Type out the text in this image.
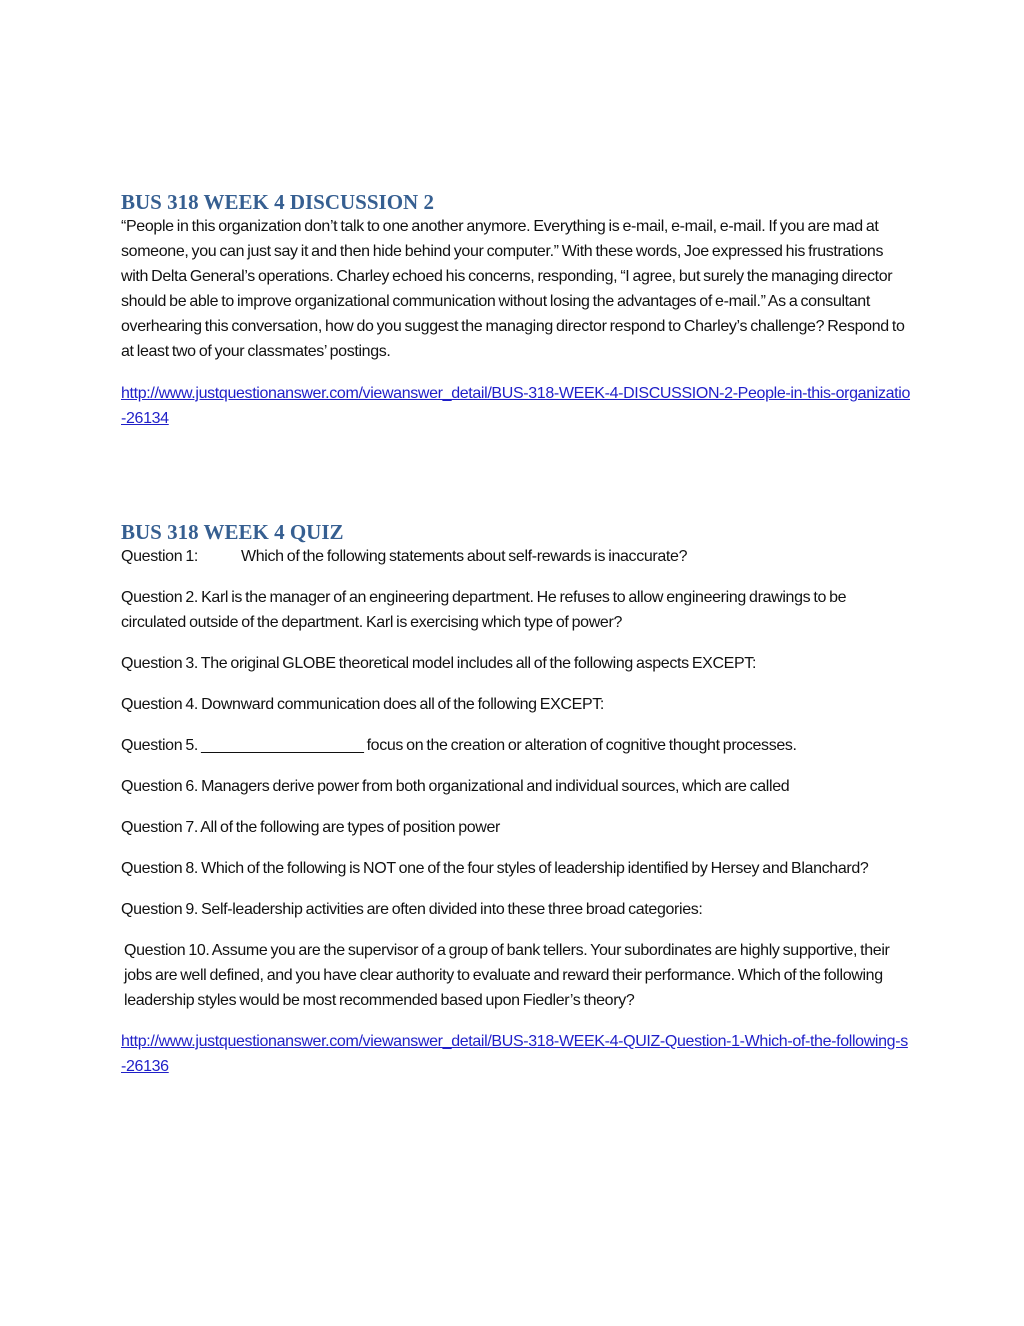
BUS 318 WEEK 4 DISCUSSION 2

“People in this organization don’t talk to one another anymore. Everything is e-mail, e-mail, e-mail. If you are mad at someone, you can just say it and then hide behind your computer.” With these words, Joe expressed his frustrations with Delta General’s operations. Charley echoed his concerns, responding, “I agree, but surely the managing director should be able to improve organizational communication without losing the advantages of e-mail.” As a consultant overhearing this conversation, how do you suggest the managing director respond to Charley’s challenge? Respond to at least two of your classmates’ postings.

http://www.justquestionanswer.com/viewanswer_detail/BUS-318-WEEK-4-DISCUSSION-2-People-in-this-organizatio-26134

BUS 318 WEEK 4 QUIZ

Question 1:	Which of the following statements about self-rewards is inaccurate?

Question 2. Karl is the manager of an engineering department. He refuses to allow engineering drawings to be circulated outside of the department. Karl is exercising which type of power?

Question 3. The original GLOBE theoretical model includes all of the following aspects EXCEPT:

Question 4. Downward communication does all of the following EXCEPT:

Question 5. ___________________ focus on the creation or alteration of cognitive thought processes.

Question 6. Managers derive power from both organizational and individual sources, which are called

Question 7. All of the following are types of position power

Question 8. Which of the following is NOT one of the four styles of leadership identified by Hersey and Blanchard?

Question 9. Self-leadership activities are often divided into these three broad categories:

Question 10. Assume you are the supervisor of a group of bank tellers. Your subordinates are highly supportive, their jobs are well defined, and you have clear authority to evaluate and reward their performance. Which of the following leadership styles would be most recommended based upon Fiedler’s theory?

http://www.justquestionanswer.com/viewanswer_detail/BUS-318-WEEK-4-QUIZ-Question-1-Which-of-the-following-s-26136
